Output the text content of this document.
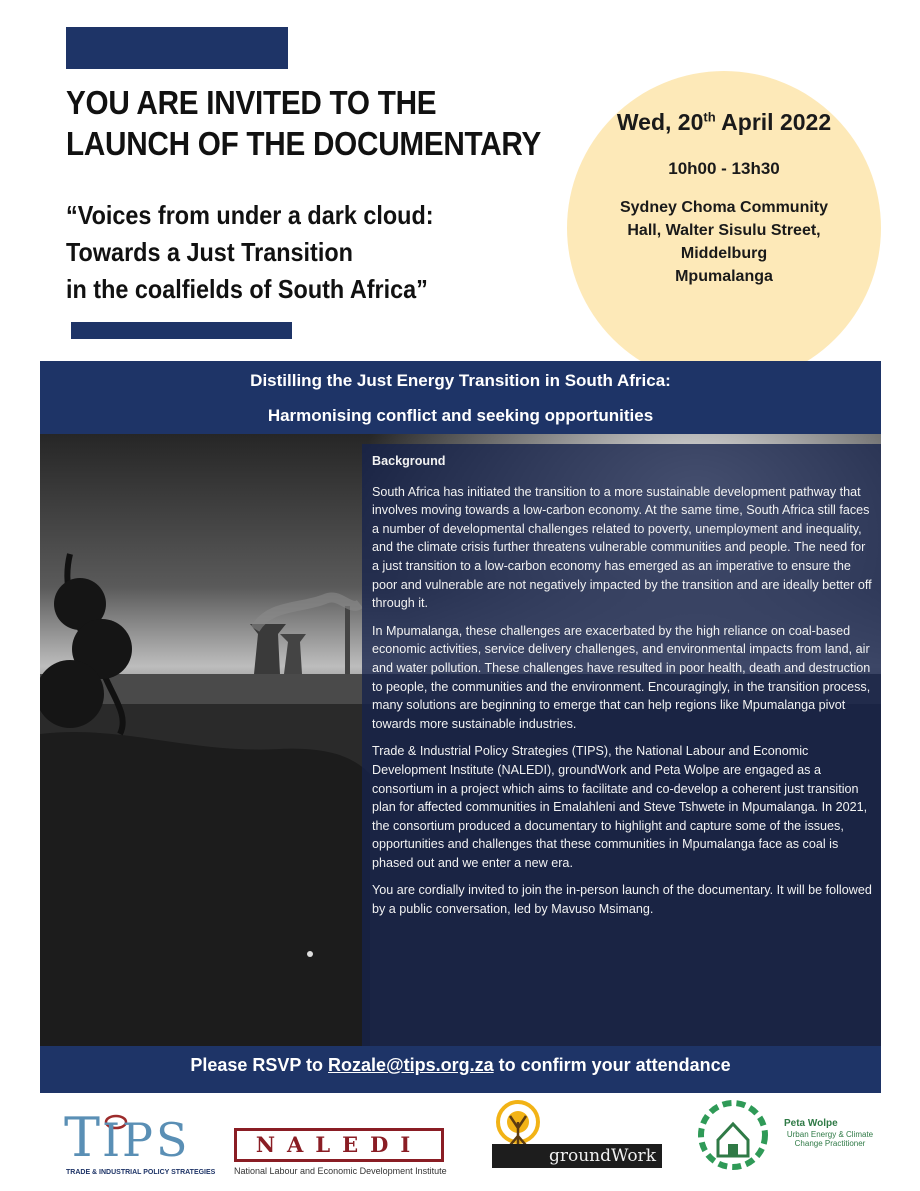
YOU ARE INVITED TO THE
LAUNCH OF THE DOCUMENTARY
“Voices from under a dark cloud:
Towards a Just Transition
in the coalfields of South Africa”
Wed, 20th April 2022
10h00 - 13h30
Sydney Choma Community
Hall, Walter Sisulu Street,
Middelburg
Mpumalanga
Distilling the Just Energy Transition in South Africa:
Harmonising conflict and seeking opportunities

Background

South Africa has initiated the transition to a more sustainable development pathway that involves moving towards a low-carbon economy. At the same time, South Africa still faces a number of developmental challenges related to poverty, unemployment and inequality, and the climate crisis further threatens vulnerable communities and people. The need for a just transition to a low-carbon economy has emerged as an imperative to ensure the poor and vulnerable are not negatively impacted by the transition and are ideally better off through it.

In Mpumalanga, these challenges are exacerbated by the high reliance on coal-based economic activities, service delivery challenges, and environmental impacts from land, air and water pollution. These challenges have resulted in poor health, death and destruction to people, the communities and the environment. Encouragingly, in the transition process, many solutions are beginning to emerge that can help regions like Mpumalanga pivot towards more sustainable industries.

Trade & Industrial Policy Strategies (TIPS), the National Labour and Economic Development Institute (NALEDI), groundWork and Peta Wolpe are engaged as a consortium in a project which aims to facilitate and co-develop a coherent just transition plan for affected communities in Emalahleni and Steve Tshwete in Mpumalanga. In 2021, the consortium produced a documentary to highlight and capture some of the issues, opportunities and challenges that these communities in Mpumalanga face as coal is phased out and we enter a new era.

You are cordially invited to join the in-person launch of the documentary. It will be followed by a public conversation, led by Mavuso Msimang.

Please RSVP to Rozale@tips.org.za to confirm your attendance
T I P S
TRADE & INDUSTRIAL POLICY STRATEGIES
NALEDI
National Labour and Economic Development Institute
groundWork
Peta Wolpe
Urban Energy & Climate Change Practitioner
